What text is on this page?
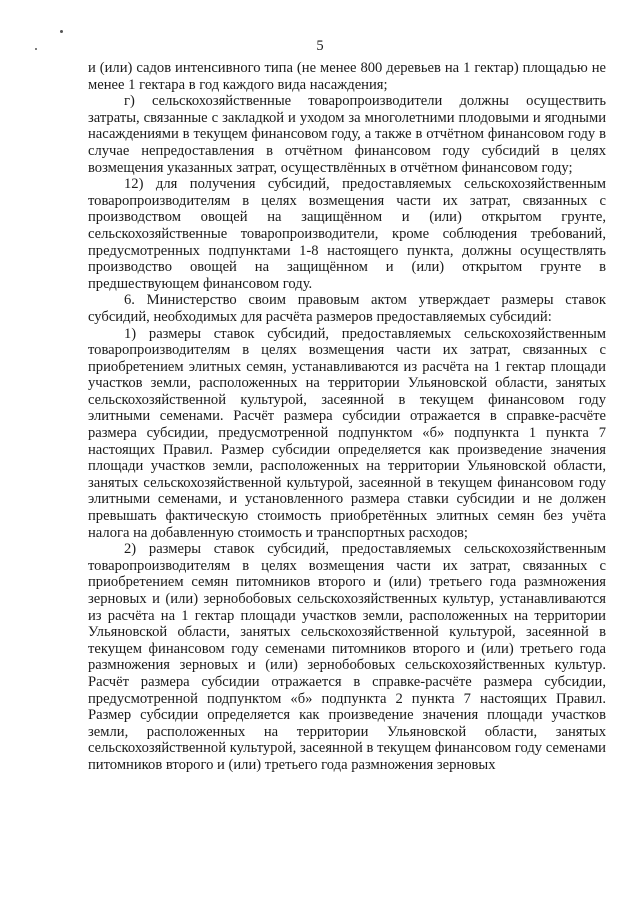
5

и (или) садов интенсивного типа (не менее 800 деревьев на 1 гектар) площадью не менее 1 гектара в год каждого вида насаждения;

г) сельскохозяйственные товаропроизводители должны осуществить затраты, связанные с закладкой и уходом за многолетними плодовыми и ягодными насаждениями в текущем финансовом году, а также в отчётном финансовом году в случае непредоставления в отчётном финансовом году субсидий в целях возмещения указанных затрат, осуществлённых в отчётном финансовом году;

12) для получения субсидий, предоставляемых сельскохозяйственным товаропроизводителям в целях возмещения части их затрат, связанных с производством овощей на защищённом и (или) открытом грунте, сельскохозяйственные товаропроизводители, кроме соблюдения требований, предусмотренных подпунктами 1-8 настоящего пункта, должны осуществлять производство овощей на защищённом и (или) открытом грунте в предшествующем финансовом году.

6. Министерство своим правовым актом утверждает размеры ставок субсидий, необходимых для расчёта размеров предоставляемых субсидий:

1) размеры ставок субсидий, предоставляемых сельскохозяйственным товаропроизводителям в целях возмещения части их затрат, связанных с приобретением элитных семян, устанавливаются из расчёта на 1 гектар площади участков земли, расположенных на территории Ульяновской области, занятых сельскохозяйственной культурой, засеянной в текущем финансовом году элитными семенами. Расчёт размера субсидии отражается в справке-расчёте размера субсидии, предусмотренной подпунктом «б» подпункта 1 пункта 7 настоящих Правил. Размер субсидии определяется как произведение значения площади участков земли, расположенных на территории Ульяновской области, занятых сельскохозяйственной культурой, засеянной в текущем финансовом году элитными семенами, и установленного размера ставки субсидии и не должен превышать фактическую стоимость приобретённых элитных семян без учёта налога на добавленную стоимость и транспортных расходов;

2) размеры ставок субсидий, предоставляемых сельскохозяйственным товаропроизводителям в целях возмещения части их затрат, связанных с приобретением семян питомников второго и (или) третьего года размножения зерновых и (или) зернобобовых сельскохозяйственных культур, устанавливаются из расчёта на 1 гектар площади участков земли, расположенных на территории Ульяновской области, занятых сельскохозяйственной культурой, засеянной в текущем финансовом году семенами питомников второго и (или) третьего года размножения зерновых и (или) зернобобовых сельскохозяйственных культур. Расчёт размера субсидии отражается в справке-расчёте размера субсидии, предусмотренной подпунктом «б» подпункта 2 пункта 7 настоящих Правил. Размер субсидии определяется как произведение значения площади участков земли, расположенных на территории Ульяновской области, занятых сельскохозяйственной культурой, засеянной в текущем финансовом году семенами питомников второго и (или) третьего года размножения зерновых
